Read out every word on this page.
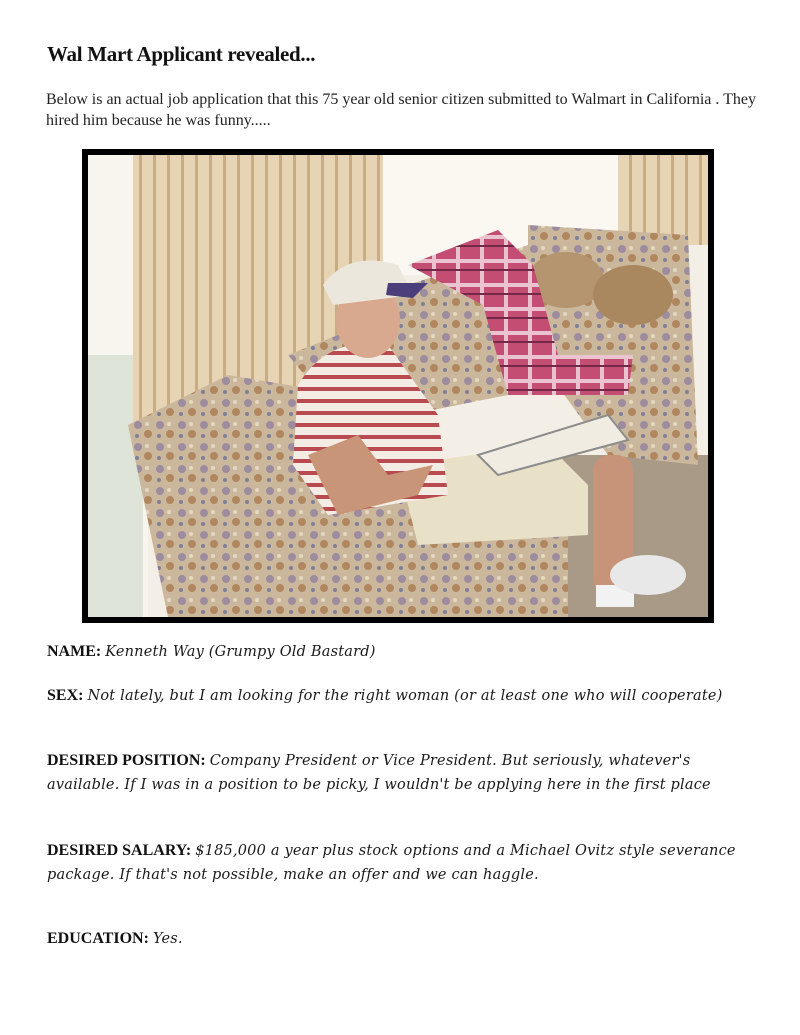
Wal Mart Applicant revealed...
Below is an actual job application that this 75 year old senior citizen submitted to Walmart in California . They hired him because he was funny.....
NAME: Kenneth Way (Grumpy Old Bastard)
SEX: Not lately, but I am looking for the right woman (or at least one who will cooperate)
DESIRED POSITION: Company President or Vice President. But seriously, whatever's available. If I was in a position to be picky, I wouldn't be applying here in the first place
DESIRED SALARY: $185,000 a year plus stock options and a Michael Ovitz style severance package. If that's not possible, make an offer and we can haggle.
EDUCATION: Yes.
